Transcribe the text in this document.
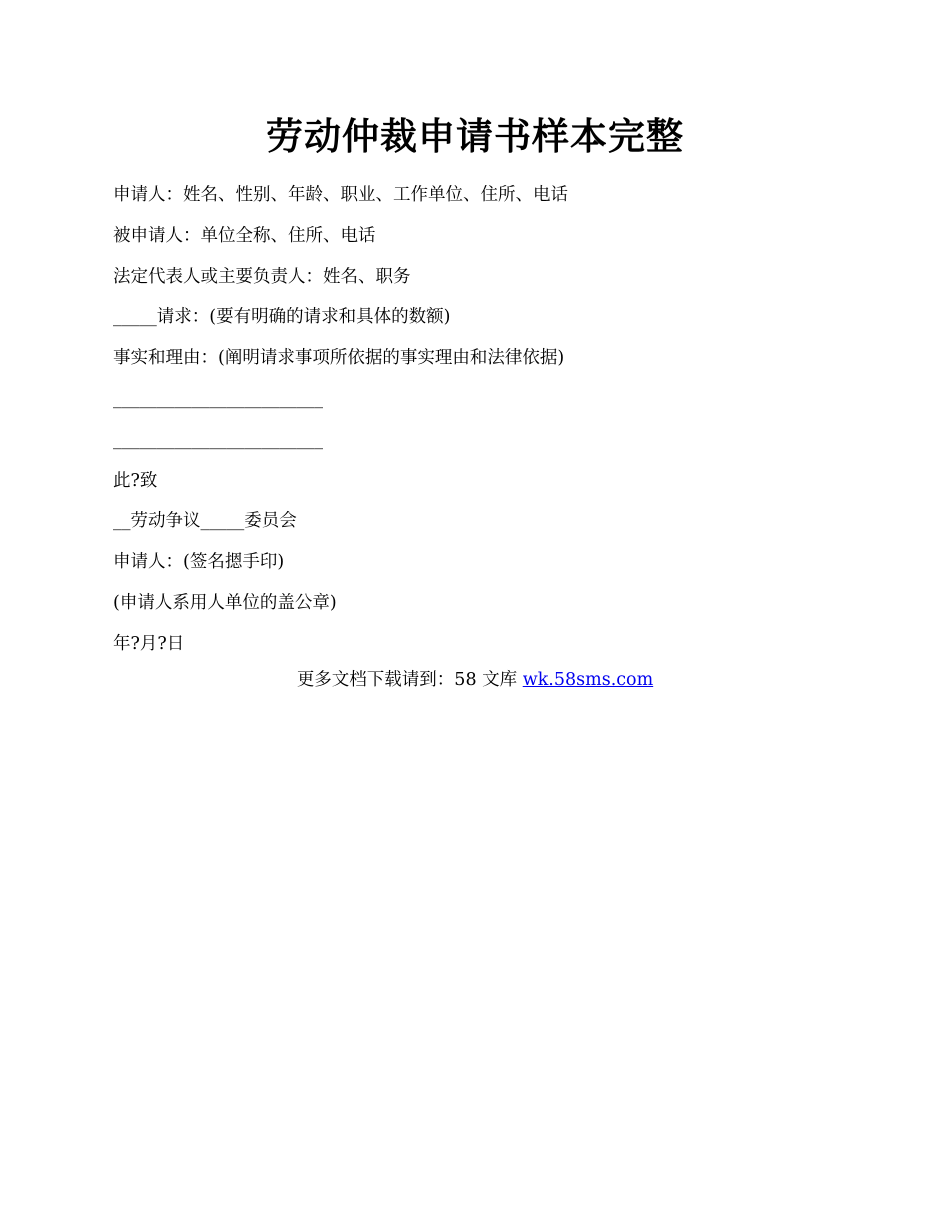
劳动仲裁申请书样本完整
申请人：姓名、性别、年龄、职业、工作单位、住所、电话
被申请人：单位全称、住所、电话
法定代表人或主要负责人：姓名、职务
_____请求：(要有明确的请求和具体的数额)
事实和理由：(阐明请求事项所依据的事实理由和法律依据)
________________________
________________________
此?致
__劳动争议_____委员会
申请人：(签名摁手印)
(申请人系用人单位的盖公章)
年?月?日
更多文档下载请到：58 文库 wk.58sms.com
